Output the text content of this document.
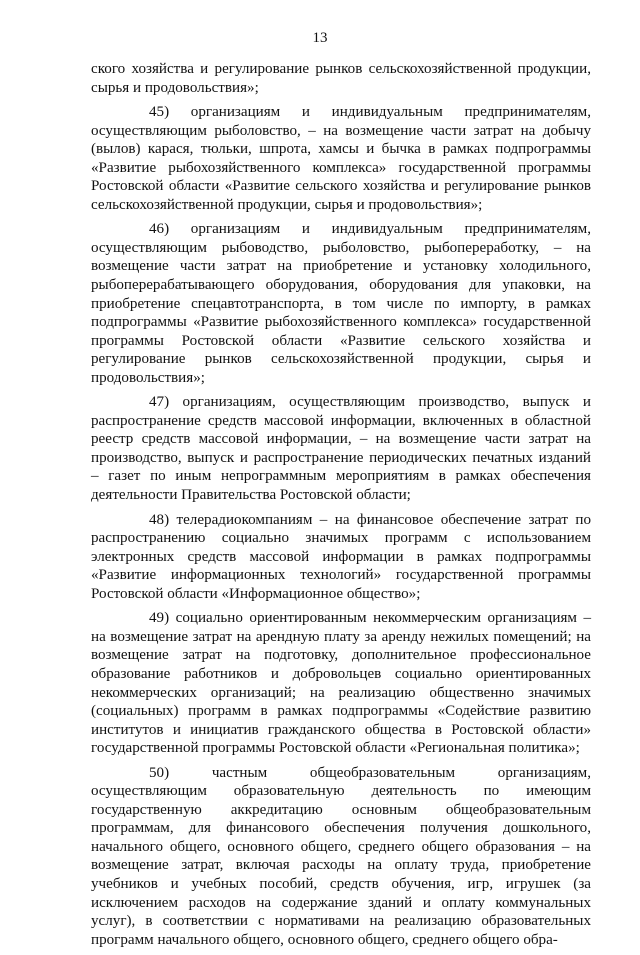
13

ского хозяйства и регулирование рынков сельскохозяйственной продукции, сырья и продовольствия»;

45) организациям и индивидуальным предпринимателям, осуществляющим рыболовство, – на возмещение части затрат на добычу (вылов) карася, тюльки, шпрота, хамсы и бычка в рамках подпрограммы «Развитие рыбохозяйственного комплекса» государственной программы Ростовской области «Развитие сельского хозяйства и регулирование рынков сельскохозяйственной продукции, сырья и продовольствия»;

46) организациям и индивидуальным предпринимателям, осуществляющим рыбоводство, рыболовство, рыбопереработку, – на возмещение части затрат на приобретение и установку холодильного, рыбоперерабатывающего оборудования, оборудования для упаковки, на приобретение спецавтотранспорта, в том числе по импорту, в рамках подпрограммы «Развитие рыбохозяйственного комплекса» государственной программы Ростовской области «Развитие сельского хозяйства и регулирование рынков сельскохозяйственной продукции, сырья и продовольствия»;

47) организациям, осуществляющим производство, выпуск и распространение средств массовой информации, включенных в областной реестр средств массовой информации, – на возмещение части затрат на производство, выпуск и распространение периодических печатных изданий – газет по иным непрограммным мероприятиям в рамках обеспечения деятельности Правительства Ростовской области;

48) телерадиокомпаниям – на финансовое обеспечение затрат по распространению социально значимых программ с использованием электронных средств массовой информации в рамках подпрограммы «Развитие информационных технологий» государственной программы Ростовской области «Информационное общество»;

49) социально ориентированным некоммерческим организациям – на возмещение затрат на арендную плату за аренду нежилых помещений; на возмещение затрат на подготовку, дополнительное профессиональное образование работников и добровольцев социально ориентированных некоммерческих организаций; на реализацию общественно значимых (социальных) программ в рамках подпрограммы «Содействие развитию институтов и инициатив гражданского общества в Ростовской области» государственной программы Ростовской области «Региональная политика»;

50) частным общеобразовательным организациям, осуществляющим образовательную деятельность по имеющим государственную аккредитацию основным общеобразовательным программам, для финансового обеспечения получения дошкольного, начального общего, основного общего, среднего общего образования – на возмещение затрат, включая расходы на оплату труда, приобретение учебников и учебных пособий, средств обучения, игр, игрушек (за исключением расходов на содержание зданий и оплату коммунальных услуг), в соответствии с нормативами на реализацию образовательных программ начального общего, основного общего, среднего общего обра-
